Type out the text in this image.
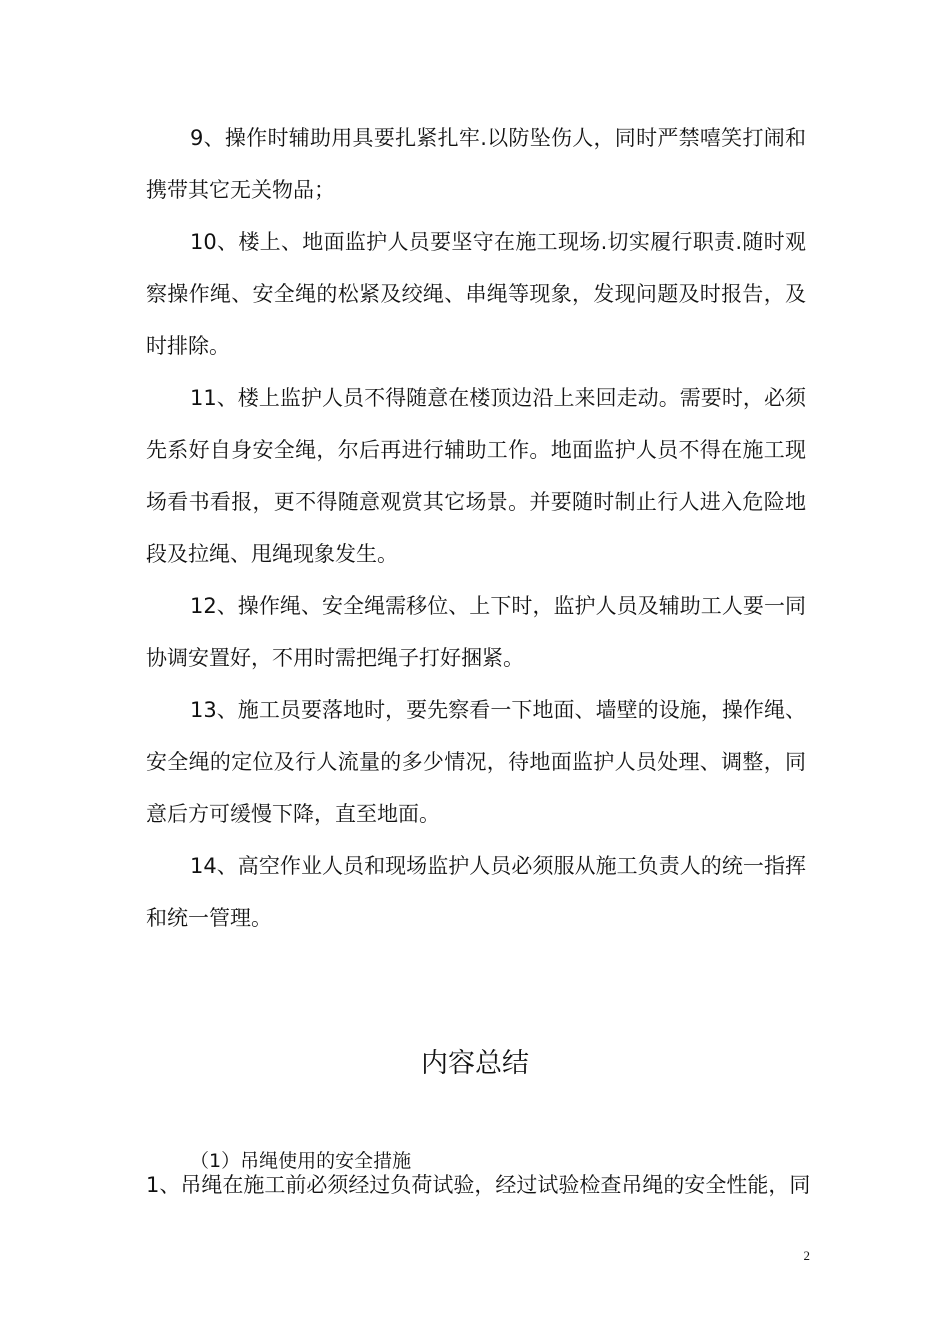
9、操作时辅助用具要扎紧扎牢.以防坠伤人，同时严禁嘻笑打闹和携带其它无关物品；

10、楼上、地面监护人员要坚守在施工现场.切实履行职责.随时观察操作绳、安全绳的松紧及绞绳、串绳等现象，发现问题及时报告，及时排除。

11、楼上监护人员不得随意在楼顶边沿上来回走动。需要时，必须先系好自身安全绳，尔后再进行辅助工作。地面监护人员不得在施工现场看书看报，更不得随意观赏其它场景。并要随时制止行人进入危险地段及拉绳、甩绳现象发生。

12、操作绳、安全绳需移位、上下时，监护人员及辅助工人要一同协调安置好，不用时需把绳子打好捆紧。

13、施工员要落地时，要先察看一下地面、墙壁的设施，操作绳、安全绳的定位及行人流量的多少情况，待地面监护人员处理、调整，同意后方可缓慢下降，直至地面。

14、高空作业人员和现场监护人员必须服从施工负责人的统一指挥和统一管理。

内容总结

（1）吊绳使用的安全措施

1、吊绳在施工前必须经过负荷试验，经过试验检查吊绳的安全性能，同

2
